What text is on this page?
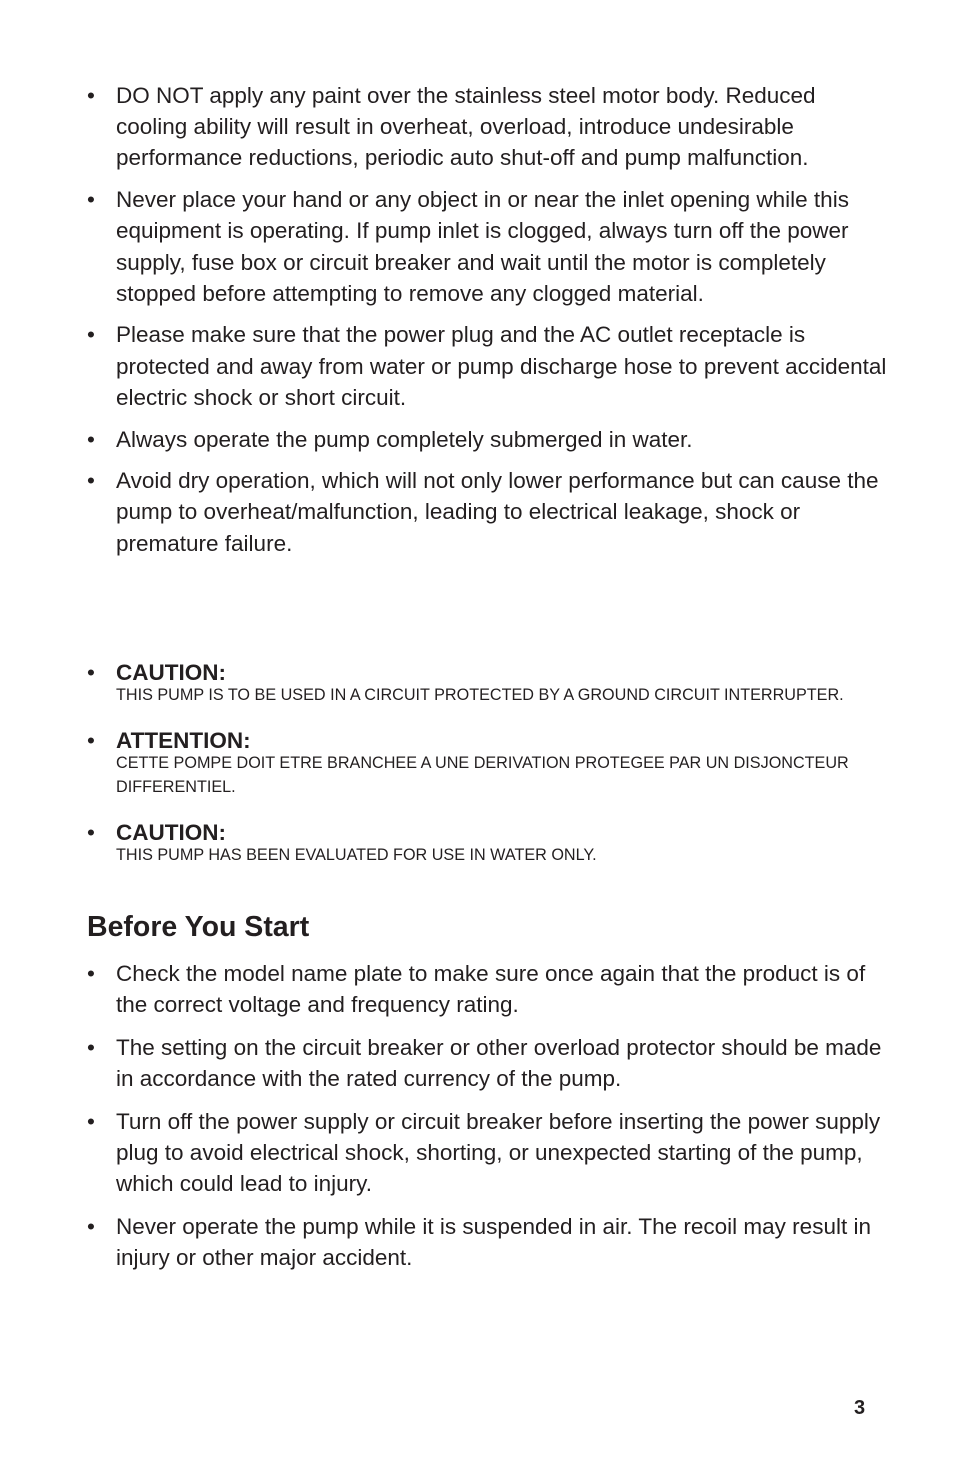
• DO NOT apply any paint over the stainless steel motor body. Reduced cooling ability will result in overheat, overload, introduce undesirable performance reductions, periodic auto shut-off and pump malfunction.
• Never place your hand or any object in or near the inlet opening while this equipment is operating. If pump inlet is clogged, always turn off the power supply, fuse box or circuit breaker and wait until the motor is completely stopped before attempting to remove any clogged material.
• Please make sure that the power plug and the AC outlet receptacle is protected and away from water or pump discharge hose to prevent accidental electric shock or short circuit.
• Always operate the pump completely submerged in water.
• Avoid dry operation, which will not only lower performance but can cause the pump to overheat/malfunction, leading to electrical leakage, shock or premature failure.
• CAUTION:
THIS PUMP IS TO BE USED IN A CIRCUIT PROTECTED BY A GROUND CIRCUIT INTERRUPTER.
• ATTENTION:
CETTE POMPE DOIT ETRE BRANCHEE A UNE DERIVATION PROTEGEE PAR UN DISJONCTEUR DIFFERENTIEL.
• CAUTION:
THIS PUMP HAS BEEN EVALUATED FOR USE IN WATER ONLY.
Before You Start
• Check the model name plate to make sure once again that the product is of the correct voltage and frequency rating.
• The setting on the circuit breaker or other overload protector should be made in accordance with the rated currency of the pump.
• Turn off the power supply or circuit breaker before inserting the power supply plug to avoid electrical shock, shorting, or unexpected starting of the pump, which could lead to injury.
• Never operate the pump while it is suspended in air. The recoil may result in injury or other major accident.
3
